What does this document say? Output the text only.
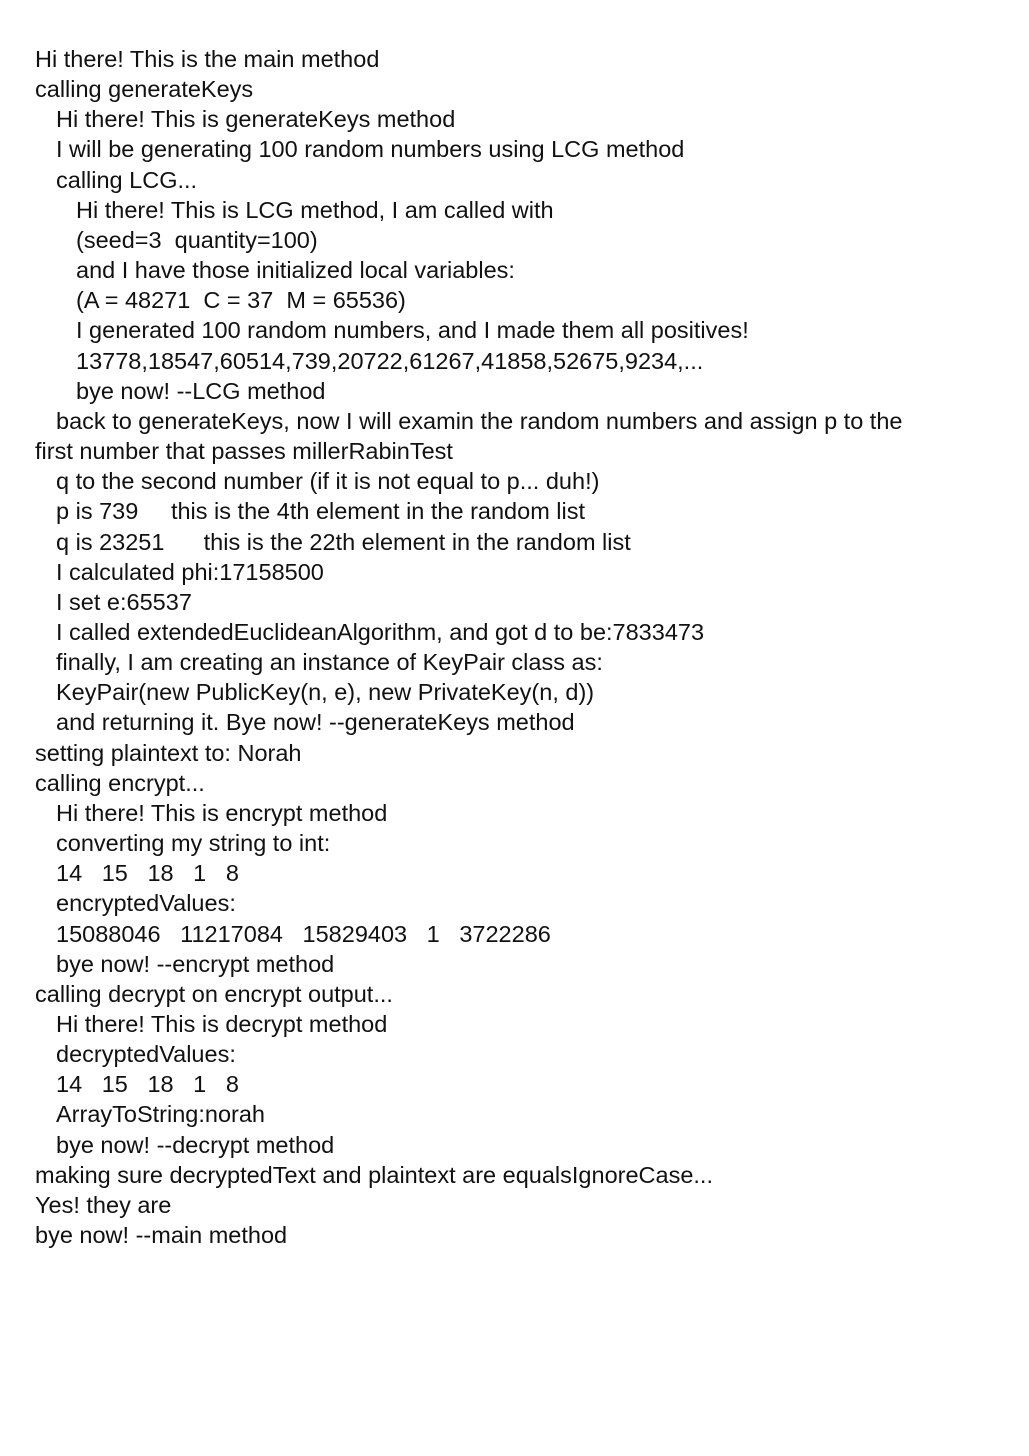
Hi there! This is the main method
calling generateKeys
Hi there! This is generateKeys method
I will be generating 100 random numbers using LCG method
calling LCG...
Hi there! This is LCG method, I am called with
(seed=3  quantity=100)
and I have those initialized local variables:
(A = 48271  C = 37  M = 65536)
I generated 100 random numbers, and I made them all positives!
13778,18547,60514,739,20722,61267,41858,52675,9234,...
bye now! --LCG method
back to generateKeys, now I will examin the random numbers and assign p to the
first number that passes millerRabinTest
q to the second number (if it is not equal to p... duh!)
p is 739     this is the 4th element in the random list
q is 23251      this is the 22th element in the random list
I calculated phi:17158500
I set e:65537
I called extendedEuclideanAlgorithm, and got d to be:7833473
finally, I am creating an instance of KeyPair class as:
KeyPair(new PublicKey(n, e), new PrivateKey(n, d))
and returning it. Bye now! --generateKeys method
setting plaintext to: Norah
calling encrypt...
Hi there! This is encrypt method
converting my string to int:
14   15   18   1   8
encryptedValues:
15088046   11217084   15829403   1   3722286
bye now! --encrypt method
calling decrypt on encrypt output...
Hi there! This is decrypt method
decryptedValues:
14   15   18   1   8
ArrayToString:norah
bye now! --decrypt method
making sure decryptedText and plaintext are equalsIgnoreCase...
Yes! they are
bye now! --main method
